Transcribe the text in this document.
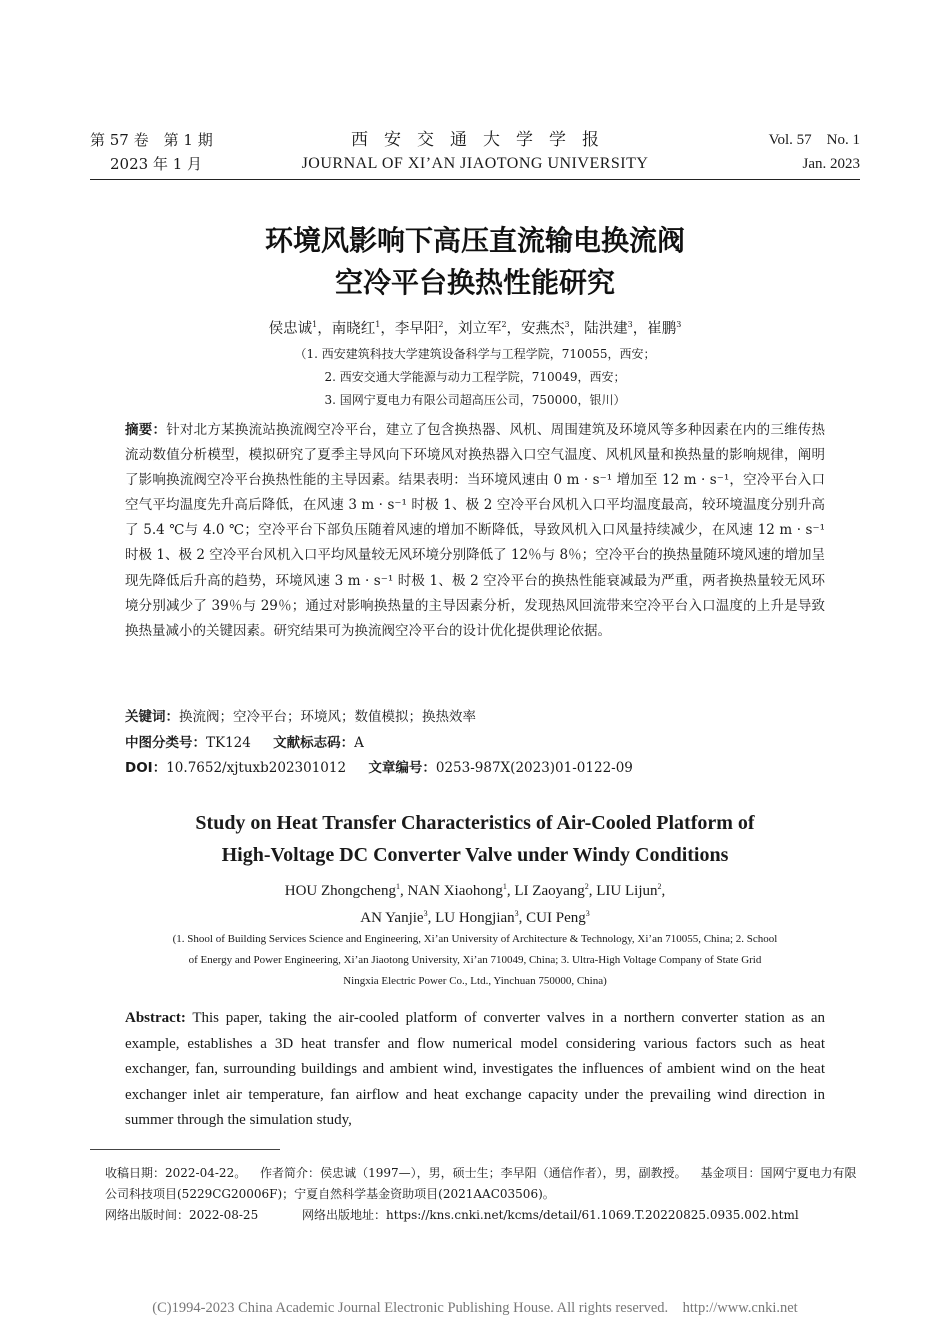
第 57 卷　第 1 期
2023 年 1 月
西安交通大学学报
JOURNAL OF XI’AN JIAOTONG UNIVERSITY
Vol. 57　No. 1
Jan. 2023
环境风影响下高压直流输电换流阀
空冷平台换热性能研究
侯忠诚$^1$，南晓红$^1$，李早阳$^2$，刘立军$^2$，安燕杰$^3$，陆洪建$^3$，崔鹏$^3$
（1. 西安建筑科技大学建筑设备科学与工程学院，710055，西安；
2. 西安交通大学能源与动力工程学院，710049，西安；
3. 国网宁夏电力有限公司超高压公司，750000，银川）
摘要：针对北方某换流站换流阀空冷平台，建立了包含换热器、风机、周围建筑及环境风等多种因素在内的三维传热流动数值分析模型，模拟研究了夏季主导风向下环境风对换热器入口空气温度、风机风量和换热量的影响规律，阐明了影响换流阀空冷平台换热性能的主导因素。结果表明：当环境风速由 0 m · s⁻¹ 增加至 12 m · s⁻¹，空冷平台入口空气平均温度先升高后降低，在风速 3 m · s⁻¹ 时极 1、极 2 空冷平台风机入口平均温度最高，较环境温度分别升高了 5.4 ℃与 4.0 ℃；空冷平台下部负压随着风速的增加不断降低，导致风机入口风量持续减少，在风速 12 m · s⁻¹ 时极 1、极 2 空冷平台风机入口平均风量较无风环境分别降低了 12％与 8％；空冷平台的换热量随环境风速的增加呈现先降低后升高的趋势，环境风速 3 m · s⁻¹ 时极 1、极 2 空冷平台的换热性能衰减最为严重，两者换热量较无风环境分别减少了 39％与 29％；通过对影响换热量的主导因素分析，发现热风回流带来空冷平台入口温度的上升是导致换热量减小的关键因素。研究结果可为换流阀空冷平台的设计优化提供理论依据。
关键词：换流阀；空冷平台；环境风；数值模拟；换热效率
中图分类号：TK124 文献标志码：A
DOI：10.7652/xjtuxb202301012 文章编号：0253-987X(2023)01-0122-09
Study on Heat Transfer Characteristics of Air-Cooled Platform of
High-Voltage DC Converter Valve under Windy Conditions
HOU Zhongcheng$^1$, NAN Xiaohong$^1$, LI Zaoyang$^2$, LIU Lijun$^2$,
AN Yanjie$^3$, LU Hongjian$^3$, CUI Peng$^3$
(1. Shool of Building Services Science and Engineering, Xi’an University of Architecture & Technology, Xi’an 710055, China; 2. School of Energy and Power Engineering, Xi’an Jiaotong University, Xi’an 710049, China; 3. Ultra-High Voltage Company of State Grid Ningxia Electric Power Co., Ltd., Yinchuan 750000, China)
Abstract: This paper, taking the air-cooled platform of converter valves in a northern converter station as an example, establishes a 3D heat transfer and flow numerical model considering various factors such as heat exchanger, fan, surrounding buildings and ambient wind, investigates the influences of ambient wind on the heat exchanger inlet air temperature, fan airflow and heat exchange capacity under the prevailing wind direction in summer through the simulation study,
收稿日期：2022-04-22。 作者简介：侯忠诚（1997—），男，硕士生；李早阳（通信作者），男，副教授。 基金项目：国网宁夏电力有限公司科技项目(5229CG20006F)；宁夏自然科学基金资助项目(2021AAC03506)。
网络出版时间：2022-08-25	网络出版地址：https://kns.cnki.net/kcms/detail/61.1069.T.20220825.0935.002.html
(C)1994-2023 China Academic Journal Electronic Publishing House. All rights reserved.　http://www.cnki.net
